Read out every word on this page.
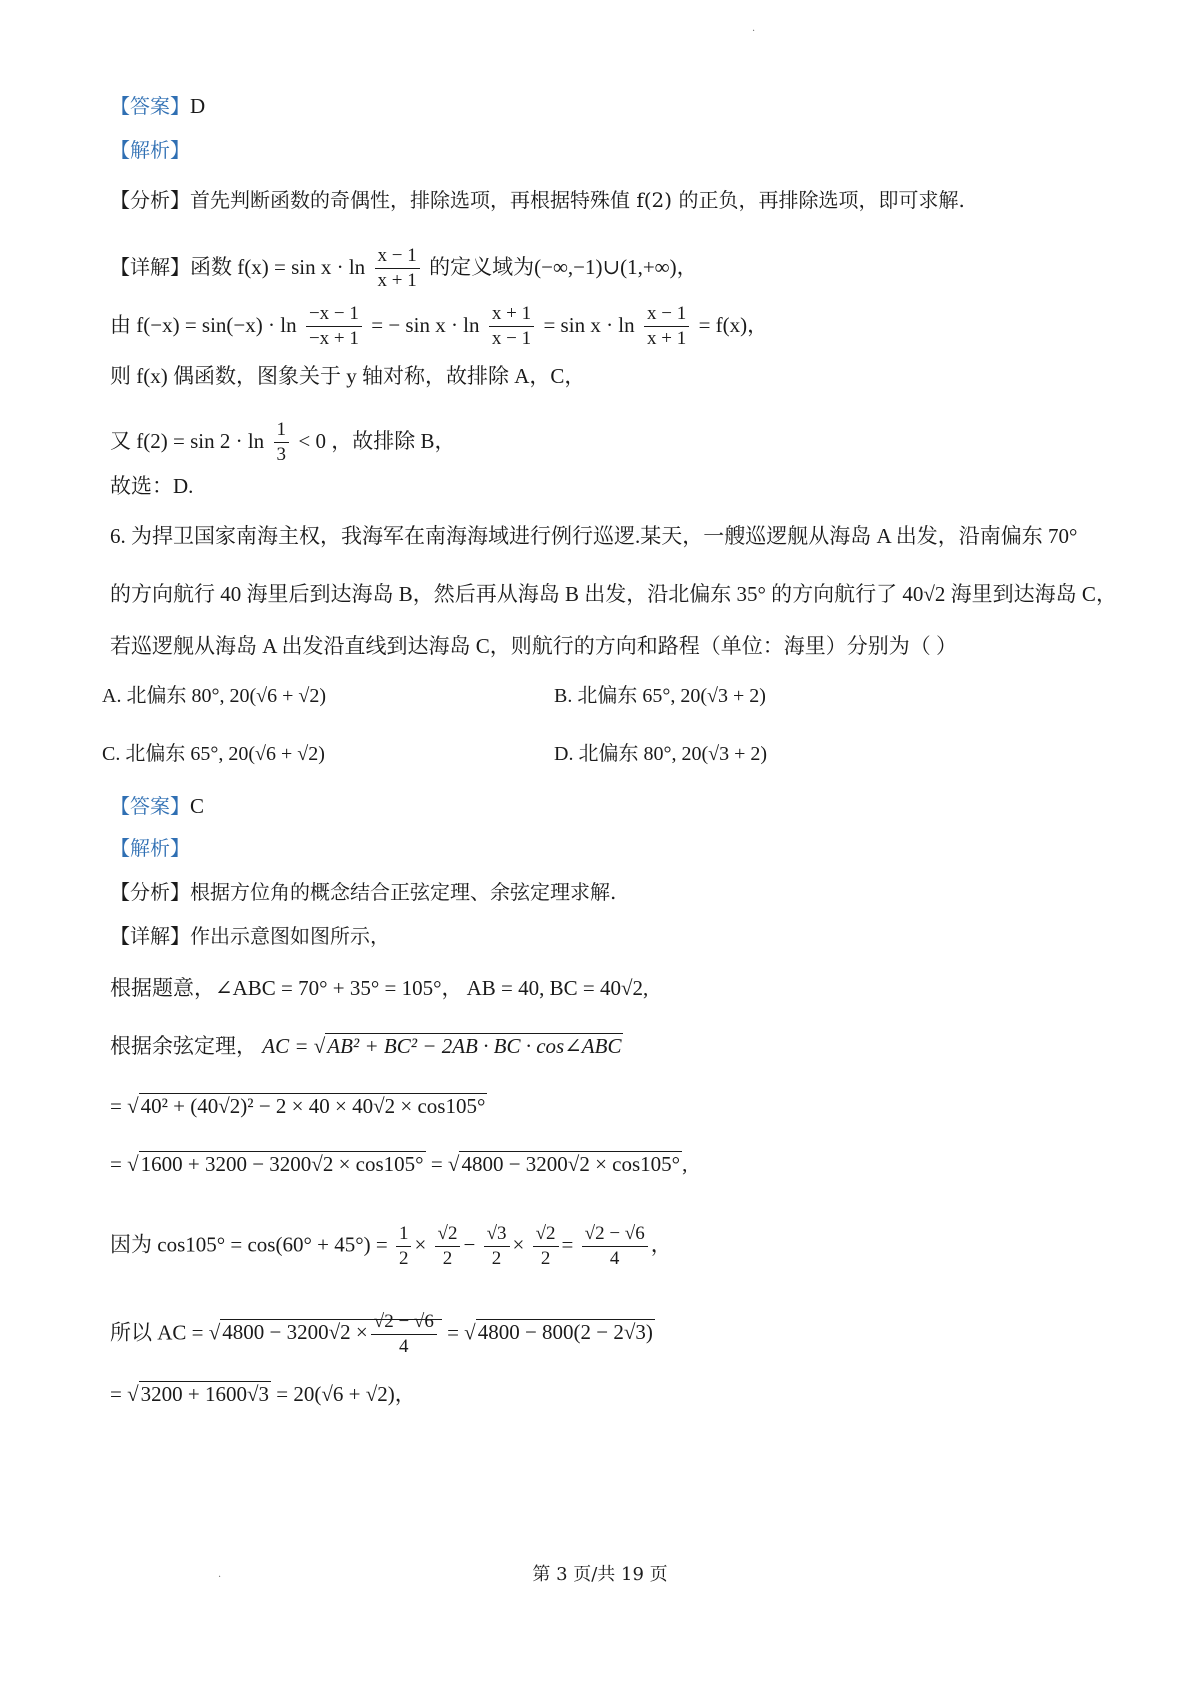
【答案】D
【解析】
【分析】首先判断函数的奇偶性，排除选项，再根据特殊值 f(2) 的正负，再排除选项，即可求解.
【详解】函数 $f(x) = \sin x \cdot \ln \frac{x - 1}{x + 1}$ 的定义域为(−∞,−1)∪(1,+∞)，
由 $f(-x) = \sin(-x) \cdot \ln \frac{-x - 1}{-x + 1}$ = − $\sin x \cdot \ln \frac{x + 1}{x - 1} = \sin x \cdot \ln \frac{x - 1}{x + 1} = f(x)$，
则 f(x) 偶函数，图象关于 y 轴对称，故排除 A，C，
又 $f(2) = \sin 2 \cdot \ln \frac{1}{3} < 0$ ，故排除 B，
故选：D.
6. 为捍卫国家南海主权，我海军在南海海域进行例行巡逻.某天，一艘巡逻舰从海岛 A 出发，沿南偏东 70°
的方向航行 40 海里后到达海岛 B，然后再从海岛 B 出发，沿北偏东 35° 的方向航行了 40√2 海里到达海岛 C，
若巡逻舰从海岛 A 出发沿直线到达海岛 C，则航行的方向和路程（单位：海里）分别为（ ）
A. 北偏东 80°, 20(√6 + √2)	B. 北偏东 65°, 20(√3 + 2)
C. 北偏东 65°, 20(√6 + √2)	D. 北偏东 80°, 20(√3 + 2)
【答案】C
【解析】
【分析】根据方位角的概念结合正弦定理、余弦定理求解.
【详解】作出示意图如图所示，
根据题意，∠ABC = 70° + 35° = 105°， AB = 40, BC = 40√2,
根据余弦定理， AC = √AB² + BC² − 2AB · BC · cos∠ABC
= √40² + (40√2)² − 2 × 40 × 40√2 × cos105°
= √1600 + 3200 − 3200√2 × cos105° = √4800 − 3200√2 × cos105°,
因为 $\cos 105^\circ = \cos(60^\circ + 45^\circ) = \frac{1}{2} \times \frac{√2}{2} - \frac{√3}{2} \times \frac{√2}{2} = \frac{√2 - √6}{4}$ ，
所以 AC = $√4800 - 3200√2 \times \frac{√2 - √6}{4} = √4800 - 800(2 - 2√3)$
= √3200 + 1600√3 = 20(√6 + √2)，
第 3 页/共 19 页
·
·
